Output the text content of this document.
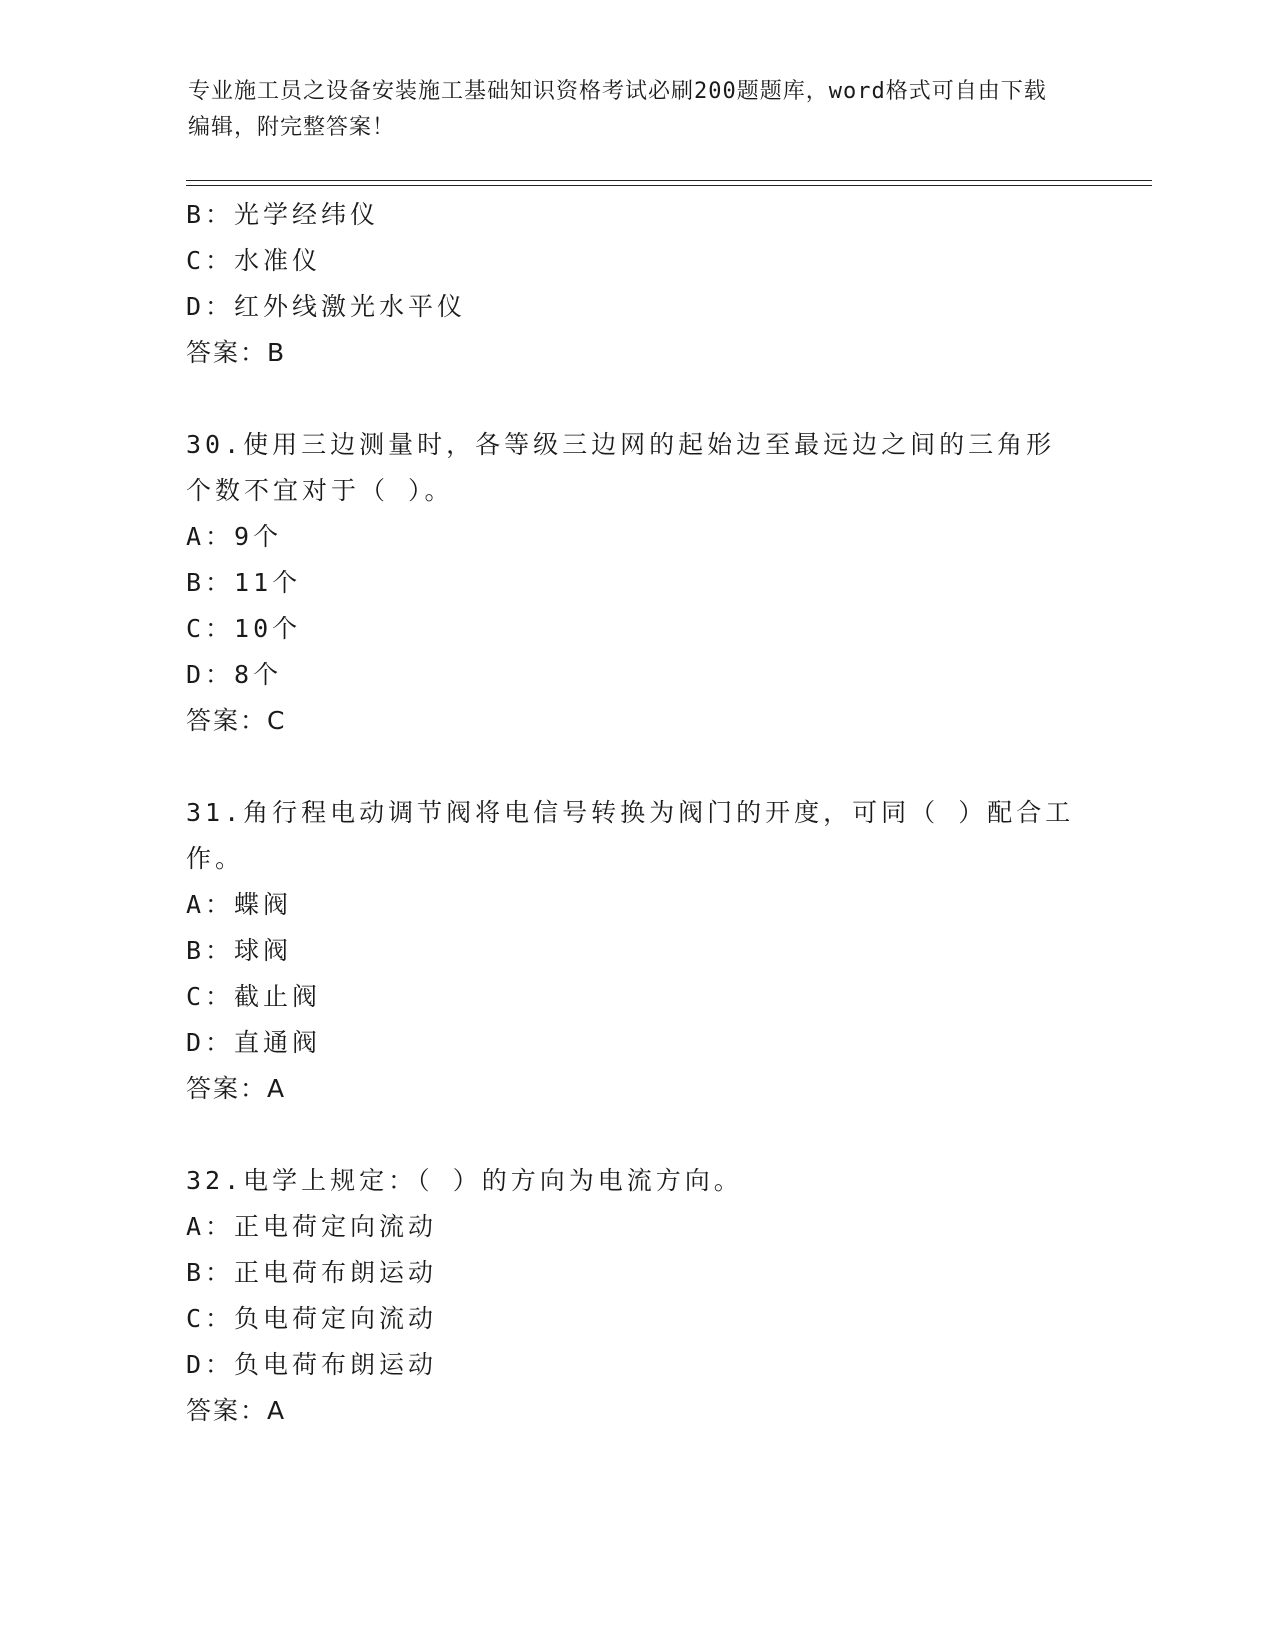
专业施工员之设备安装施工基础知识资格考试必刷200题题库，word格式可自由下载编辑，附完整答案！
B：光学经纬仪
C：水准仪
D：红外线激光水平仪
答案：B
30.使用三边测量时，各等级三边网的起始边至最远边之间的三角形个数不宜对于（ ）。
A：9个
B：11个
C：10个
D：8个
答案：C
31.角行程电动调节阀将电信号转换为阀门的开度，可同（ ）配合工作。
A：蝶阀
B：球阀
C：截止阀
D：直通阀
答案：A
32.电学上规定：（ ）的方向为电流方向。
A：正电荷定向流动
B：正电荷布朗运动
C：负电荷定向流动
D：负电荷布朗运动
答案：A
